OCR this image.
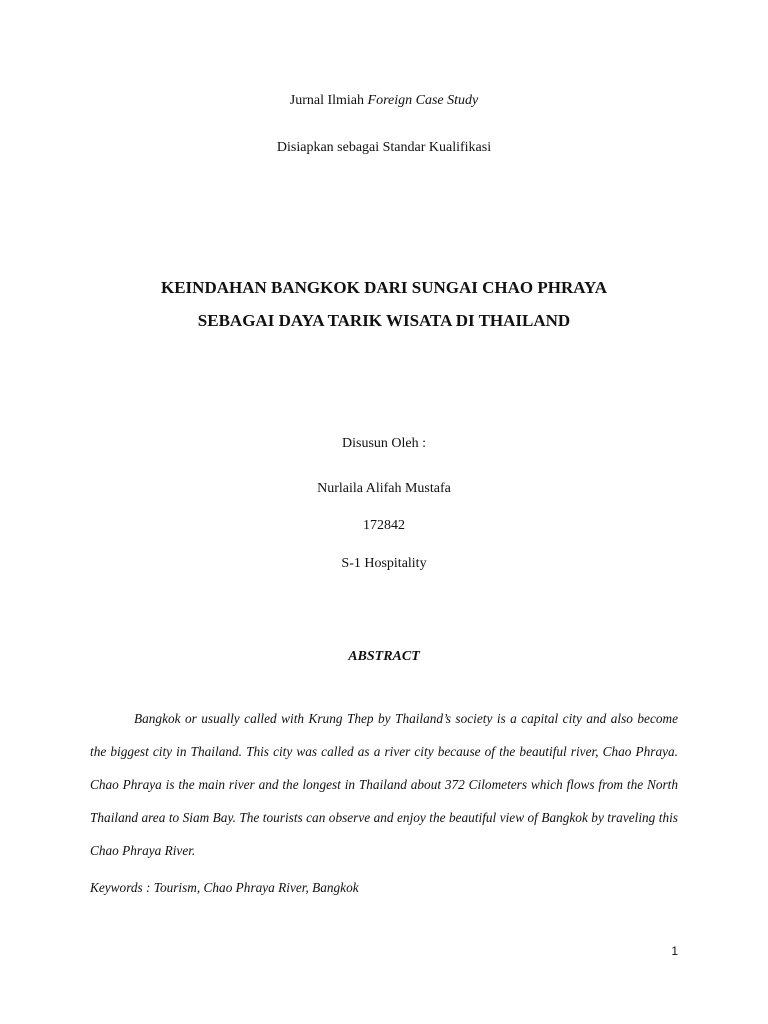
Jurnal Ilmiah Foreign Case Study
Disiapkan sebagai Standar Kualifikasi
KEINDAHAN BANGKOK DARI SUNGAI CHAO PHRAYA
SEBAGAI DAYA TARIK WISATA DI THAILAND
Disusun Oleh :
Nurlaila Alifah Mustafa
172842
S-1 Hospitality
ABSTRACT

Bangkok or usually called with Krung Thep by Thailand’s society is a capital city and also become the biggest city in Thailand. This city was called as a river city because of the beautiful river, Chao Phraya. Chao Phraya is the main river and the longest in Thailand about 372 Cilometers which flows from the North Thailand area to Siam Bay. The tourists can observe and enjoy the beautiful view of Bangkok by traveling this Chao Phraya River.

Keywords : Tourism, Chao Phraya River, Bangkok
1
